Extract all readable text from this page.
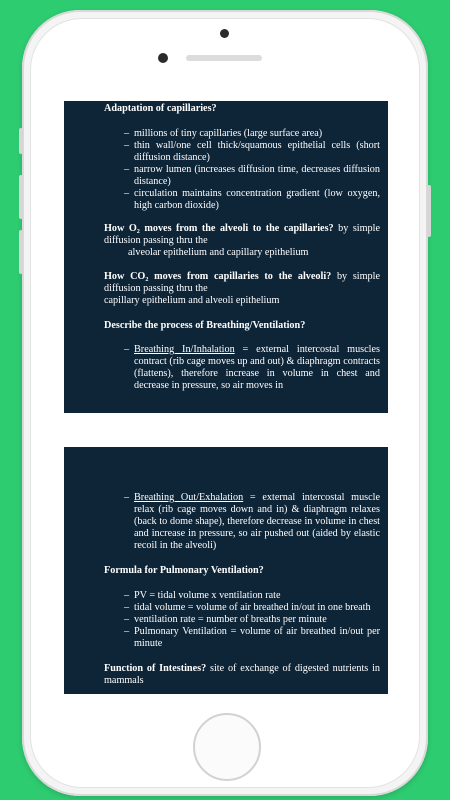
Adaptation of capillaries?
– millions of tiny capillaries (large surface area)
– thin wall/one cell thick/squamous epithelial cells (short diffusion distance)
– narrow lumen (increases diffusion time, decreases diffusion distance)
– circulation maintains concentration gradient (low oxygen, high carbon dioxide)

How O₂ moves from the alveoli to the capillaries? by simple diffusion passing thru the

alveolar epithelium and capillary epithelium

How CO₂ moves from capillaries to the alveoli? by simple diffusion passing thru the

capillary epithelium and alveoli epithelium
Describe the process of Breathing/Ventilation?
– Breathing In/Inhalation = external intercostal muscles contract (rib cage moves up and out) & diaphragm contracts (flattens), therefore increase in volume in chest and decrease in pressure, so air moves in
– Breathing Out/Exhalation = external intercostal muscle relax (rib cage moves down and in) & diaphragm relaxes (back to dome shape), therefore decrease in volume in chest and increase in pressure, so air pushed out (aided by elastic recoil in the alveoli)
Formula for Pulmonary Ventilation?
– PV = tidal volume x ventilation rate
– tidal volume = volume of air breathed in/out in one breath
– ventilation rate = number of breaths per minute
– Pulmonary Ventilation = volume of air breathed in/out per minute

Function of Intestines? site of exchange of digested nutrients in mammals
